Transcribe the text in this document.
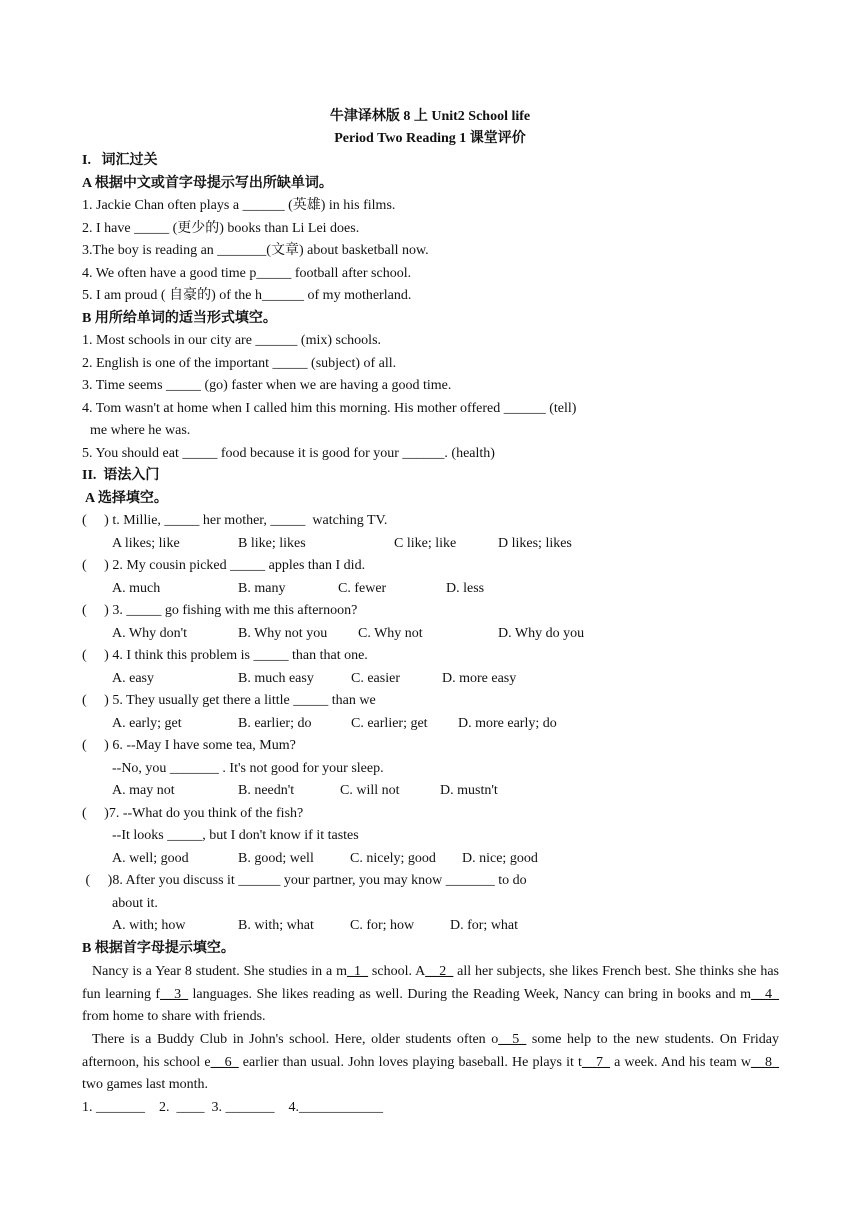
牛津译林版 8 上 Unit2 School life
Period Two Reading 1 课堂评价
I.   词汇过关
A 根据中文或首字母提示写出所缺单词。
1. Jackie Chan often plays a ______ (英雄) in his films.
2. I have _____ (更少的) books than Li Lei does.
3.The boy is reading an _______(文章) about basketball now.
4. We often have a good time p_____ football after school.
5. I am proud ( 自豪的) of the h______ of my motherland.
B 用所给单词的适当形式填空。
1. Most schools in our city are ______ (mix) schools.
2. English is one of the important _____ (subject) of all.
3. Time seems _____ (go) faster when we are having a good time.
4. Tom wasn't at home when I called him this morning. His mother offered ______ (tell)
me where he was.
5. You should eat _____ food because it is good for your ______. (health)
II.  语法入门
A 选择填空。
(     ) t. Millie, _____ her mother, _____  watching TV.
A likes; like	B like; likes	C like; like	D likes; likes
(     ) 2. My cousin picked _____ apples than I did.
A. much	B. many	C. fewer	D. less
(     ) 3. _____ go fishing with me this afternoon?
A. Why don't	B. Why not you C. Why not	D. Why do you
(     ) 4. I think this problem is _____ than that one.
A. easy	B. much easy	C. easier	D. more easy
(     ) 5. They usually get there a little _____ than we
A. early; get	B. earlier; do	C. earlier; get D. more early; do
(     ) 6. --May I have some tea, Mum?
--No, you _______ . It's not good for your sleep.
A. may not	B. needn't	C. will not	D. mustn't
(     )7. --What do you think of the fish?
--It looks _____, but I don't know if it tastes
A. well; good	B. good; well	C. nicely; good D. nice; good
(     )8. After you discuss it ______ your partner, you may know _______ to do
about it.
A. with; how	B. with; what	C. for; how	D. for; what
B 根据首字母提示填空。
Nancy is a Year 8 student. She studies in a m_1_ school. A__2_ all her subjects, she likes French best. She thinks she has fun learning f__3_ languages. She likes reading as well. During the Reading Week, Nancy can bring in books and m__4_ from home to share with friends.
There is a Buddy Club in John's school. Here, older students often o__5_ some help to the new students. On Friday afternoon, his school e__6_ earlier than usual. John loves playing baseball. He plays it t__7_ a week. And his team w__8_ two games last month.
1. _______    2.  ____  3. _______    4.____________
